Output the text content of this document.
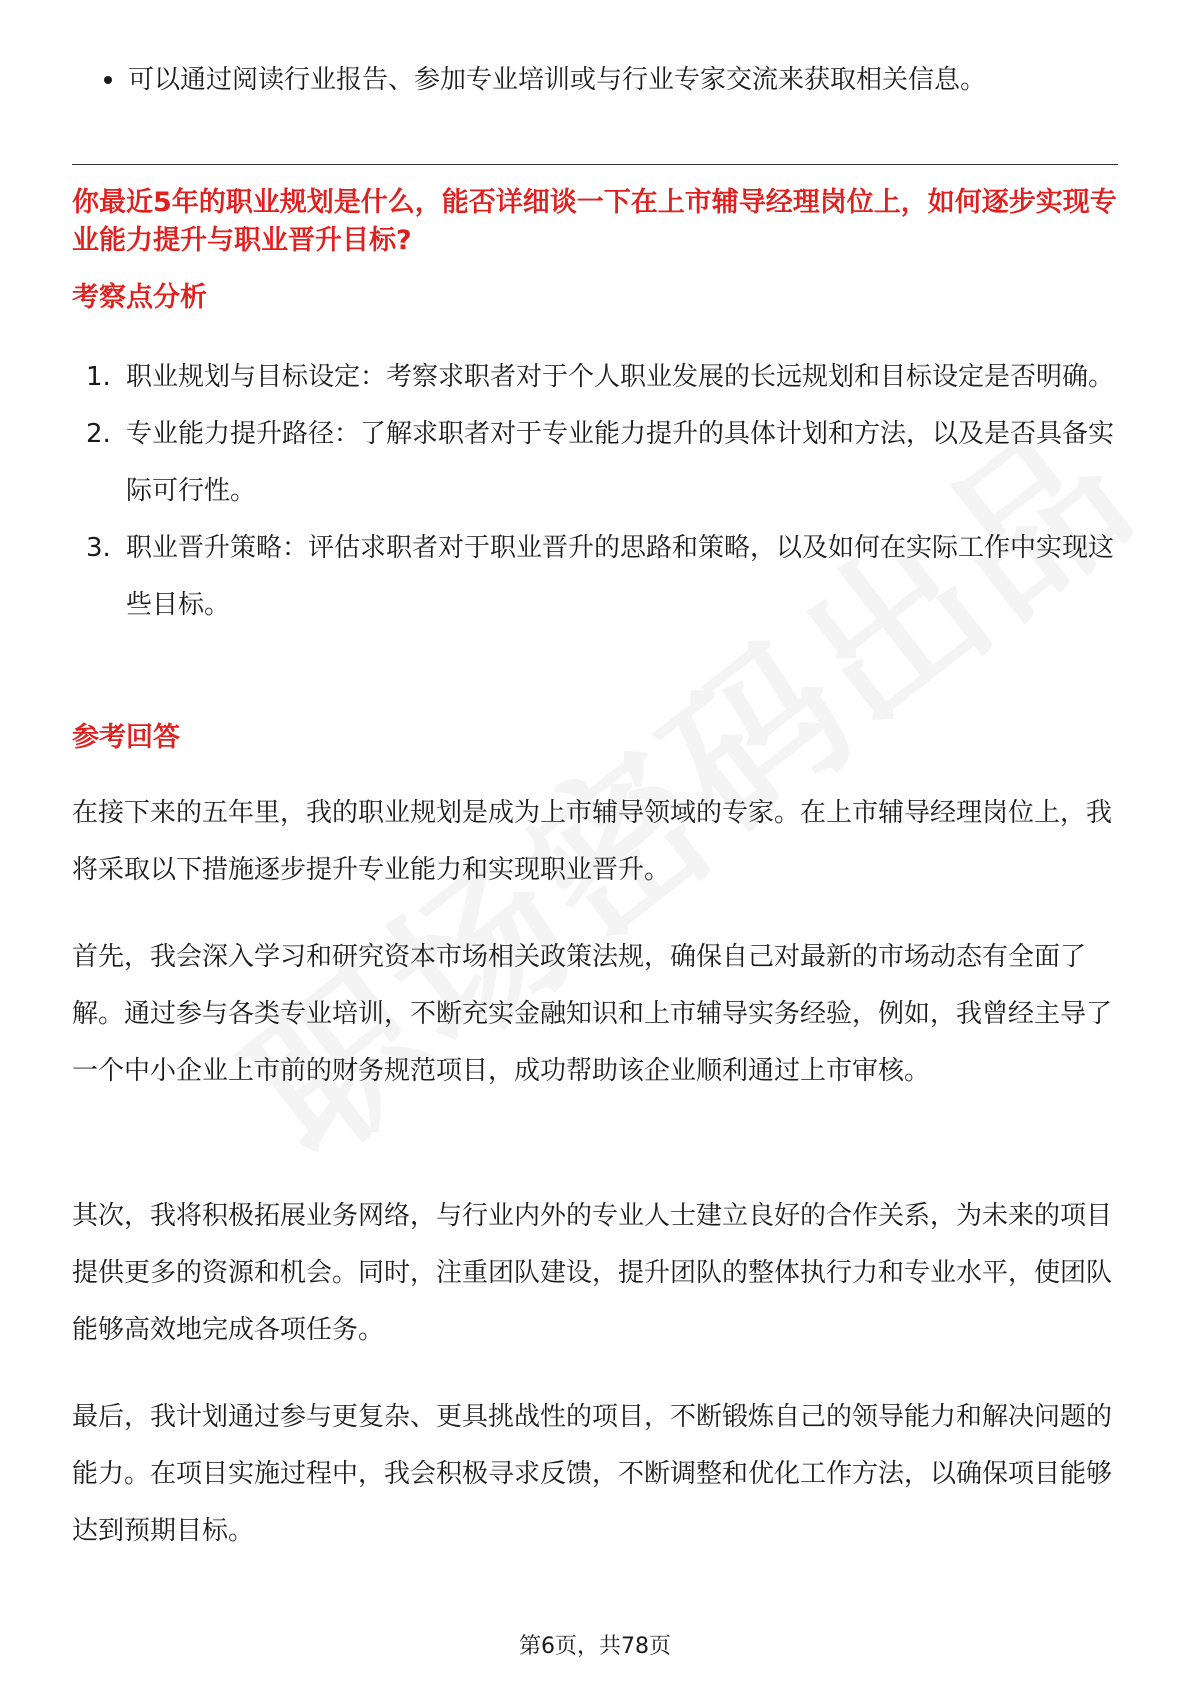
可以通过阅读行业报告、参加专业培训或与行业专家交流来获取相关信息。
你最近5年的职业规划是什么，能否详细谈一下在上市辅导经理岗位上，如何逐步实现专业能力提升与职业晋升目标?
考察点分析
1. 职业规划与目标设定：考察求职者对于个人职业发展的长远规划和目标设定是否明确。
2. 专业能力提升路径：了解求职者对于专业能力提升的具体计划和方法，以及是否具备实际可行性。
3. 职业晋升策略：评估求职者对于职业晋升的思路和策略，以及如何在实际工作中实现这些目标。
参考回答

在接下来的五年里，我的职业规划是成为上市辅导领域的专家。在上市辅导经理岗位上，我将采取以下措施逐步提升专业能力和实现职业晋升。

首先，我会深入学习和研究资本市场相关政策法规，确保自己对最新的市场动态有全面了解。通过参与各类专业培训，不断充实金融知识和上市辅导实务经验，例如，我曾经主导了一个中小企业上市前的财务规范项目，成功帮助该企业顺利通过上市审核。

其次，我将积极拓展业务网络，与行业内外的专业人士建立良好的合作关系，为未来的项目提供更多的资源和机会。同时，注重团队建设，提升团队的整体执行力和专业水平，使团队能够高效地完成各项任务。

最后，我计划通过参与更复杂、更具挑战性的项目，不断锻炼自己的领导能力和解决问题的能力。在项目实施过程中，我会积极寻求反馈，不断调整和优化工作方法，以确保项目能够达到预期目标。

第6页，共78页
